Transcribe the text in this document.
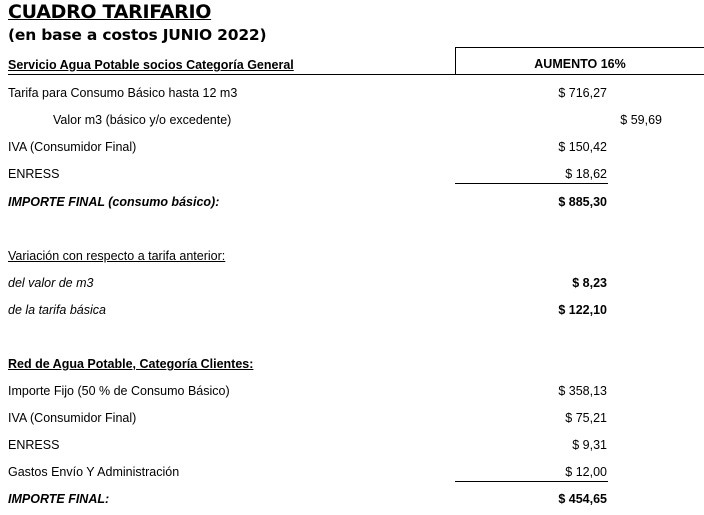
CUADRO TARIFARIO
(en base a costos JUNIO 2022)
AUMENTO 16%
Servicio Agua Potable socios Categoría General
Tarifa para Consumo Básico hasta 12 m3	$ 716,27
Valor m3 (básico y/o excedente)	$ 59,69
IVA (Consumidor Final)	$ 150,42
ENRESS	$ 18,62
IMPORTE FINAL (consumo básico):	$ 885,30
Variación con respecto a tarifa anterior:
del valor de m3	$ 8,23
de la tarifa básica	$ 122,10
Red de Agua Potable, Categoría Clientes:
Importe Fijo (50 % de Consumo Básico)	$ 358,13
IVA (Consumidor Final)	$ 75,21
ENRESS	$ 9,31
Gastos Envío Y Administración	$ 12,00
IMPORTE FINAL:	$ 454,65
